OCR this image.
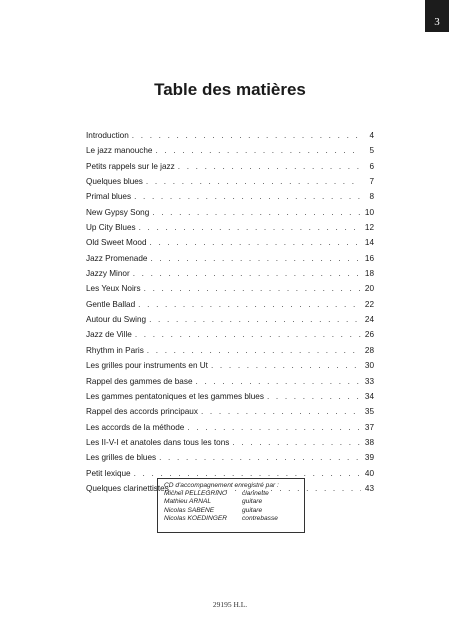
3
Table des matières
Introduction . . .	4
Le jazz manouche . . .	5
Petits rappels sur le jazz . . .	6
Quelques blues . . .	7
Primal blues . . .	8
New Gypsy Song . . .	10
Up City Blues . . .	12
Old Sweet Mood . . .	14
Jazz Promenade . . .	16
Jazzy Minor . . .	18
Les Yeux Noirs . . .	20
Gentle Ballad . . .	22
Autour du Swing . . .	24
Jazz de Ville . . .	26
Rhythm in Paris . . .	28
Les grilles pour instruments en Ut . . .	30
Rappel des gammes de base . . .	33
Les gammes pentatoniques et les gammes blues . . .	34
Rappel des accords principaux . . .	35
Les accords de la méthode . . .	37
Les II-V-I et anatoles dans tous les tons . . .	38
Les grilles de blues . . .	39
Petit lexique . . .	40
Quelques clarinettistes . . .	43

CD d'accompagnement enregistré par :

Michel PELLEGRINO	clarinette
Mathieu ARNAL	guitare
Nicolas SABENE	guitare
Nicolas KOEDINGER	contrebasse
29195 H.L.
